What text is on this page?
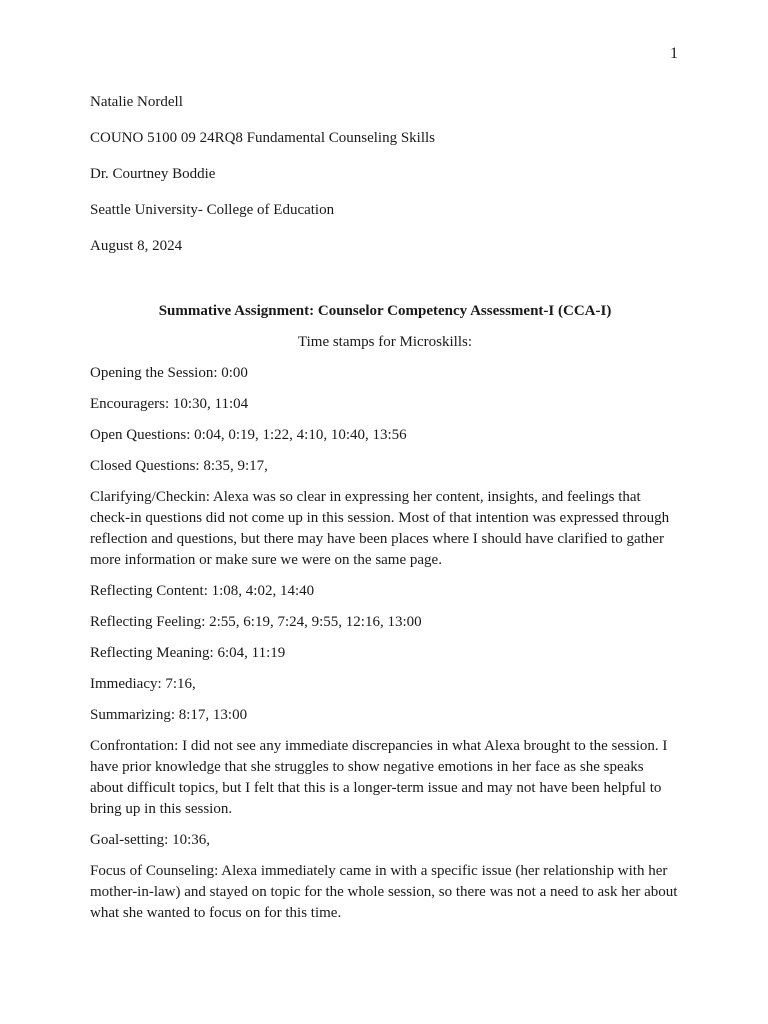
1

Natalie Nordell

COUNO 5100 09 24RQ8 Fundamental Counseling Skills

Dr. Courtney Boddie

Seattle University- College of Education

August 8, 2024

Summative Assignment: Counselor Competency Assessment-I (CCA-I)

Time stamps for Microskills:

Opening the Session: 0:00

Encouragers: 10:30, 11:04

Open Questions: 0:04, 0:19, 1:22, 4:10, 10:40, 13:56

Closed Questions: 8:35, 9:17,

Clarifying/Checkin: Alexa was so clear in expressing her content, insights, and feelings that check-in questions did not come up in this session. Most of that intention was expressed through reflection and questions, but there may have been places where I should have clarified to gather more information or make sure we were on the same page.

Reflecting Content: 1:08, 4:02, 14:40

Reflecting Feeling: 2:55, 6:19, 7:24, 9:55, 12:16, 13:00

Reflecting Meaning: 6:04, 11:19

Immediacy: 7:16,

Summarizing: 8:17, 13:00

Confrontation: I did not see any immediate discrepancies in what Alexa brought to the session. I have prior knowledge that she struggles to show negative emotions in her face as she speaks about difficult topics, but I felt that this is a longer-term issue and may not have been helpful to bring up in this session.

Goal-setting: 10:36,

Focus of Counseling: Alexa immediately came in with a specific issue (her relationship with her mother-in-law) and stayed on topic for the whole session, so there was not a need to ask her about what she wanted to focus on for this time.
